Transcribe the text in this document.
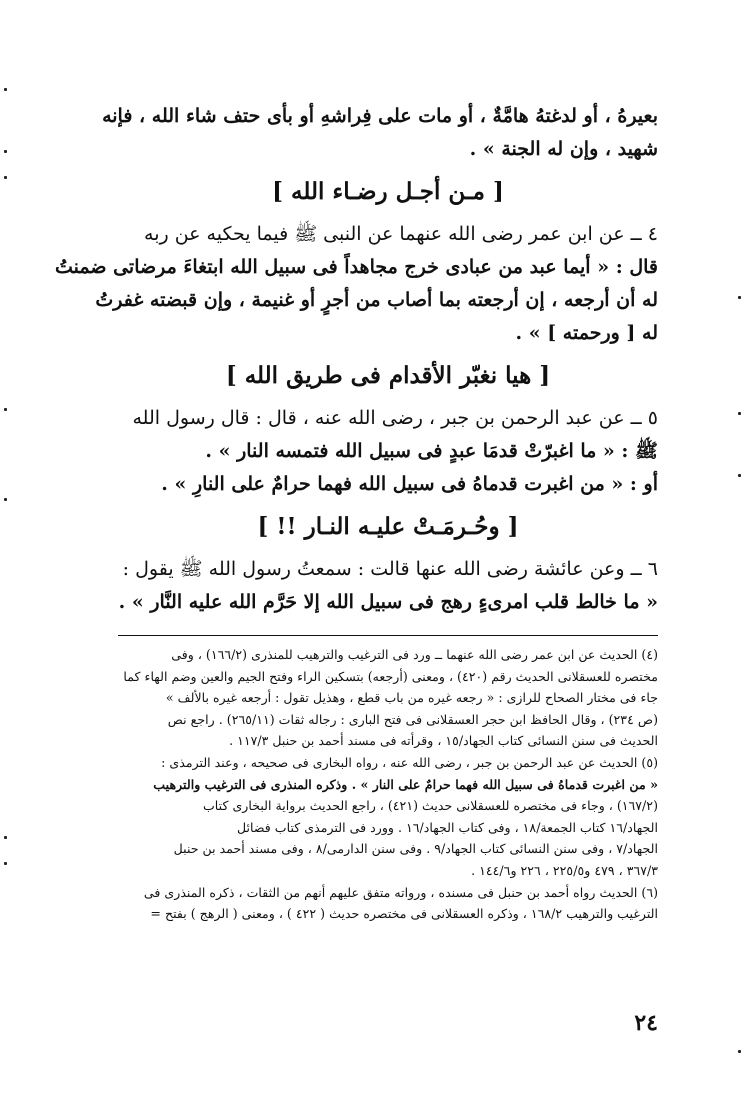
بعيرهُ ، أو لدغتهُ هامَّةٌ ، أو مات على فِراشهِ أو بأى حتف شاء الله ، فإنه

شهيد ، وإن له الجنة » .

[ مـن أجـل رضـاء الله ]

٤ ــ عن ابن عمر رضى الله عنهما عن النبى ﷺ فيما يحكيه عن ربه

قال : « أيما عبد من عبادى خرج مجاهداً فى سبيل الله ابتغاءَ مرضاتى ضمنتُ

له أن أرجعه ، إن أرجعته بما أصاب من أجرٍ أو غنيمة ، وإن قبضته غفرتُ

له [ ورحمته ] » .

[ هيا نغبّر الأقدام فى طريق الله ]

٥ ــ عن عبد الرحمن بن جبر ، رضى الله عنه ، قال : قال رسول الله

ﷺ : « ما اغبرّتْ قدمَا عبدٍ فى سبيل الله فتمسه النار » .

أو : « من اغبرت قدماهُ فى سبيل الله فهما حرامٌ على النارِ » .

[ وحُـرمَـتْ عليـه النـار !! ]

٦ ــ وعن عائشة رضى الله عنها قالت : سمعتُ رسول الله ﷺ يقول :

« ما خالط قلب امرىءٍ رهج فى سبيل الله إلا حَرَّم الله عليه النَّار » .

(٤) الحديث عن ابن عمر رضى الله عنهما ــ ورد فى الترغيب والترهيب للمنذرى (١٦٦/٢) ، وفى

مختصره للعسقلانى الحديث رقم (٤٢٠) ، ومعنى (أرجعه) بتسكين الراء وفتح الجيم والعين وضم الهاء كما

جاء فى مختار الصحاح للرازى : « رجعه غيره من باب قطع ، وهذيل تقول : أرجعه غيره بالألف »

(ص ٢٣٤) ، وقال الحافظ ابن حجر العسقلانى فى فتح البارى : رجاله ثقات (٢٦٥/١١) . راجع نص

الحديث فى سنن النسائى كتاب الجهاد/١٥ ، وقرأته فى مسند أحمد بن حنبل ١١٧/٣ .

(٥) الحديث عن عبد الرحمن بن جبر ، رضى الله عنه ، رواه البخارى فى صحيحه ، وعند الترمذى :

« من اغبرت قدماهُ فى سبيل الله فهما حرامٌ على النار » . وذكره المنذرى فى الترغيب والترهيب

(١٦٧/٢) ، وجاء فى مختصره للعسقلانى حديث (٤٢١) ، راجع الحديث برواية البخارى كتاب

الجهاد/١٦ كتاب الجمعة/١٨ ، وفى كتاب الجهاد/١٦ . وورد فى الترمذى كتاب فضائل

الجهاد/٧ ، وفى سنن النسائى كتاب الجهاد/٩ . وفى سنن الدارمى/٨ ، وفى مسند أحمد بن حنبل

٣٦٧/٣ ، ٤٧٩ و٢٢٥/٥ ، ٢٢٦ و١٤٤/٦ .

(٦) الحديث رواه أحمد بن حنبل فى مسنده ، ورواته متفق عليهم أنهم من الثقات ، ذكره المنذرى فى

الترغيب والترهيب ١٦٨/٢ ، وذكره العسقلانى فى مختصره حديث ( ٤٢٢ ) ، ومعنى ( الرهج ) بفتح =

٢٤
